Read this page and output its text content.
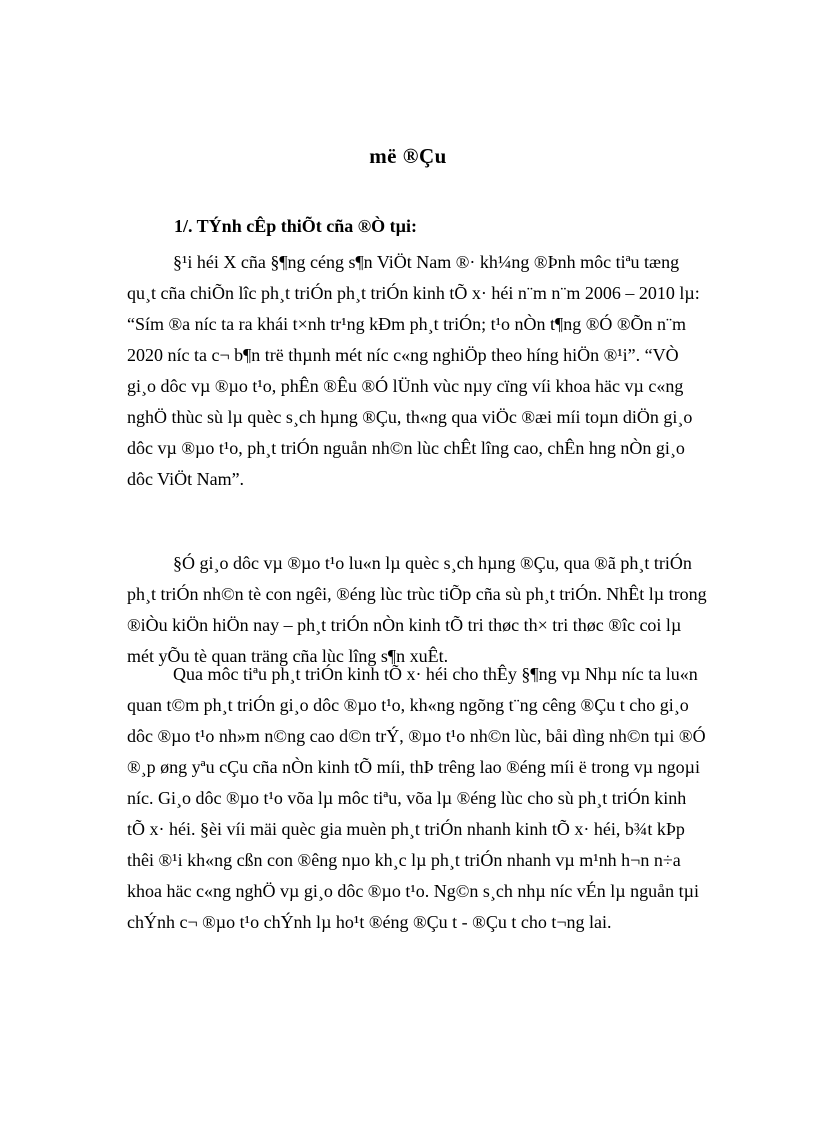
më ®Çu
1/. TÝnh cÊp thiÕt cña ®Ò tµi:
§¹i héi X cña §¶ng céng s¶n ViÖt Nam ®· kh¼ng ®Þnh môc tiªu tæng
qu¸t cña chiÕn lîc ph¸t triÓn ph¸t triÓn kinh tÕ x· héi n¨m n¨m 2006 – 2010 lµ:
“Sím ®a níc ta ra khái t×nh tr¹ng kÐm ph¸t triÓn; t¹o nÒn t¶ng ®Ó ®Õn n¨m
2020 níc ta c¬ b¶n trë thµnh mét níc c«ng nghiÖp theo híng hiÖn ®¹i”. “VÒ
gi¸o dôc vµ ®µo t¹o, phÊn ®Êu ®Ó lÜnh vùc nµy cïng víi khoa häc vµ c«ng
nghÖ thùc sù lµ quèc s¸ch hµng ®Çu, th«ng qua viÖc ®æi míi toµn diÖn gi¸o
dôc vµ ®µo t¹o, ph¸t triÓn nguån nh©n lùc chÊt lîng cao, chÊn hng nÒn gi¸o
dôc ViÖt Nam”.
§Ó gi¸o dôc vµ ®µo t¹o lu«n lµ quèc s¸ch hµng ®Çu, qua ®ã ph¸t triÓn
ph¸t triÓn nh©n tè con ngêi, ®éng lùc trùc tiÕp cña sù ph¸t triÓn. NhÊt lµ trong
®iÒu kiÖn hiÖn nay – ph¸t triÓn nÒn kinh tÕ tri thøc th× tri thøc ®îc coi lµ
mét yÕu tè quan träng cña lùc lîng s¶n xuÊt.
Qua môc tiªu ph¸t triÓn kinh tÕ x· héi cho thÊy §¶ng vµ Nhµ níc ta lu«n
quan t©m ph¸t triÓn gi¸o dôc ®µo t¹o, kh«ng ngõng t¨ng cêng ®Çu t cho gi¸o
dôc ®µo t¹o nh»m n©ng cao d©n trÝ, ®µo t¹o nh©n lùc, båi dìng nh©n tµi ®Ó
®¸p øng yªu cÇu cña nÒn kinh tÕ míi, thÞ trêng lao ®éng míi ë trong vµ ngoµi
níc. Gi¸o dôc ®µo t¹o võa lµ môc tiªu, võa lµ ®éng lùc cho sù ph¸t triÓn kinh
tÕ x· héi. §èi víi mäi quèc gia muèn ph¸t triÓn nhanh kinh tÕ x· héi, b¾t kÞp
thêi ®¹i kh«ng cßn con ®êng nµo kh¸c lµ ph¸t triÓn nhanh vµ m¹nh h¬n n÷a
khoa häc c«ng nghÖ vµ gi¸o dôc ®µo t¹o. Ng©n s¸ch nhµ níc vÉn lµ nguån tµi
chÝnh c¬ ®µo t¹o chÝnh lµ ho¹t ®éng ®Çu t - ®Çu t cho t¬ng lai.
